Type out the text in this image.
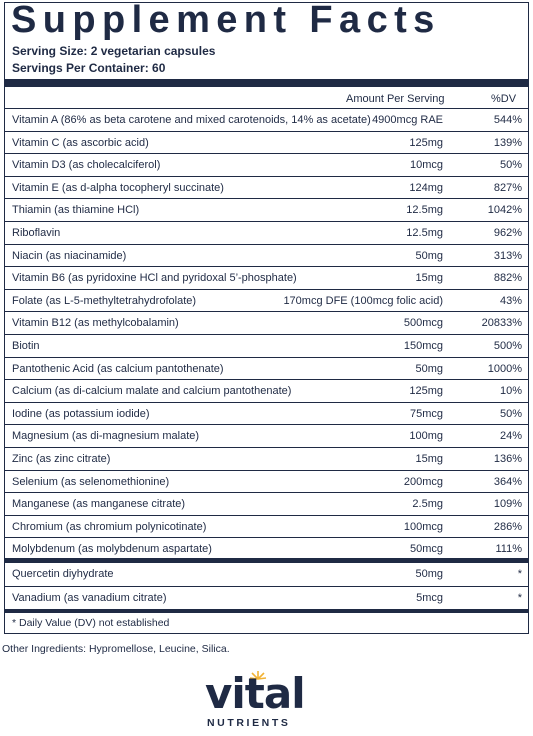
Supplement Facts
Serving Size: 2 vegetarian capsules
Servings Per Container: 60
Amount Per Serving	%DV
Vitamin A (86% as beta carotene and mixed carotenoids, 14% as acetate) 4900mcg RAE	544%
Vitamin C (as ascorbic acid)	125mg	139%
Vitamin D3 (as cholecalciferol)	10mcg	50%
Vitamin E (as d-alpha tocopheryl succinate)	124mg	827%
Thiamin (as thiamine HCl)	12.5mg	1042%
Riboflavin	12.5mg	962%
Niacin (as niacinamide)	50mg	313%
Vitamin B6 (as pyridoxine HCl and pyridoxal 5’-phosphate)	15mg	882%
Folate (as L-5-methyltetrahydrofolate)	170mcg DFE (100mcg folic acid)	43%
Vitamin B12 (as methylcobalamin)	500mcg	20833%
Biotin	150mcg	500%
Pantothenic Acid (as calcium pantothenate)	50mg	1000%
Calcium (as di-calcium malate and calcium pantothenate)	125mg	10%
Iodine (as potassium iodide)	75mcg	50%
Magnesium (as di-magnesium malate)	100mg	24%
Zinc (as zinc citrate)	15mg	136%
Selenium (as selenomethionine)	200mcg	364%
Manganese (as manganese citrate)	2.5mg	109%
Chromium (as chromium polynicotinate)	100mcg	286%
Molybdenum (as molybdenum aspartate)	50mcg	111%
Quercetin diyhydrate	50mg	*
Vanadium (as vanadium citrate)	5mcg	*
* Daily Value (DV) not established
Other Ingredients: Hypromellose, Leucine, Silica.
vital
NUTRIENTS
